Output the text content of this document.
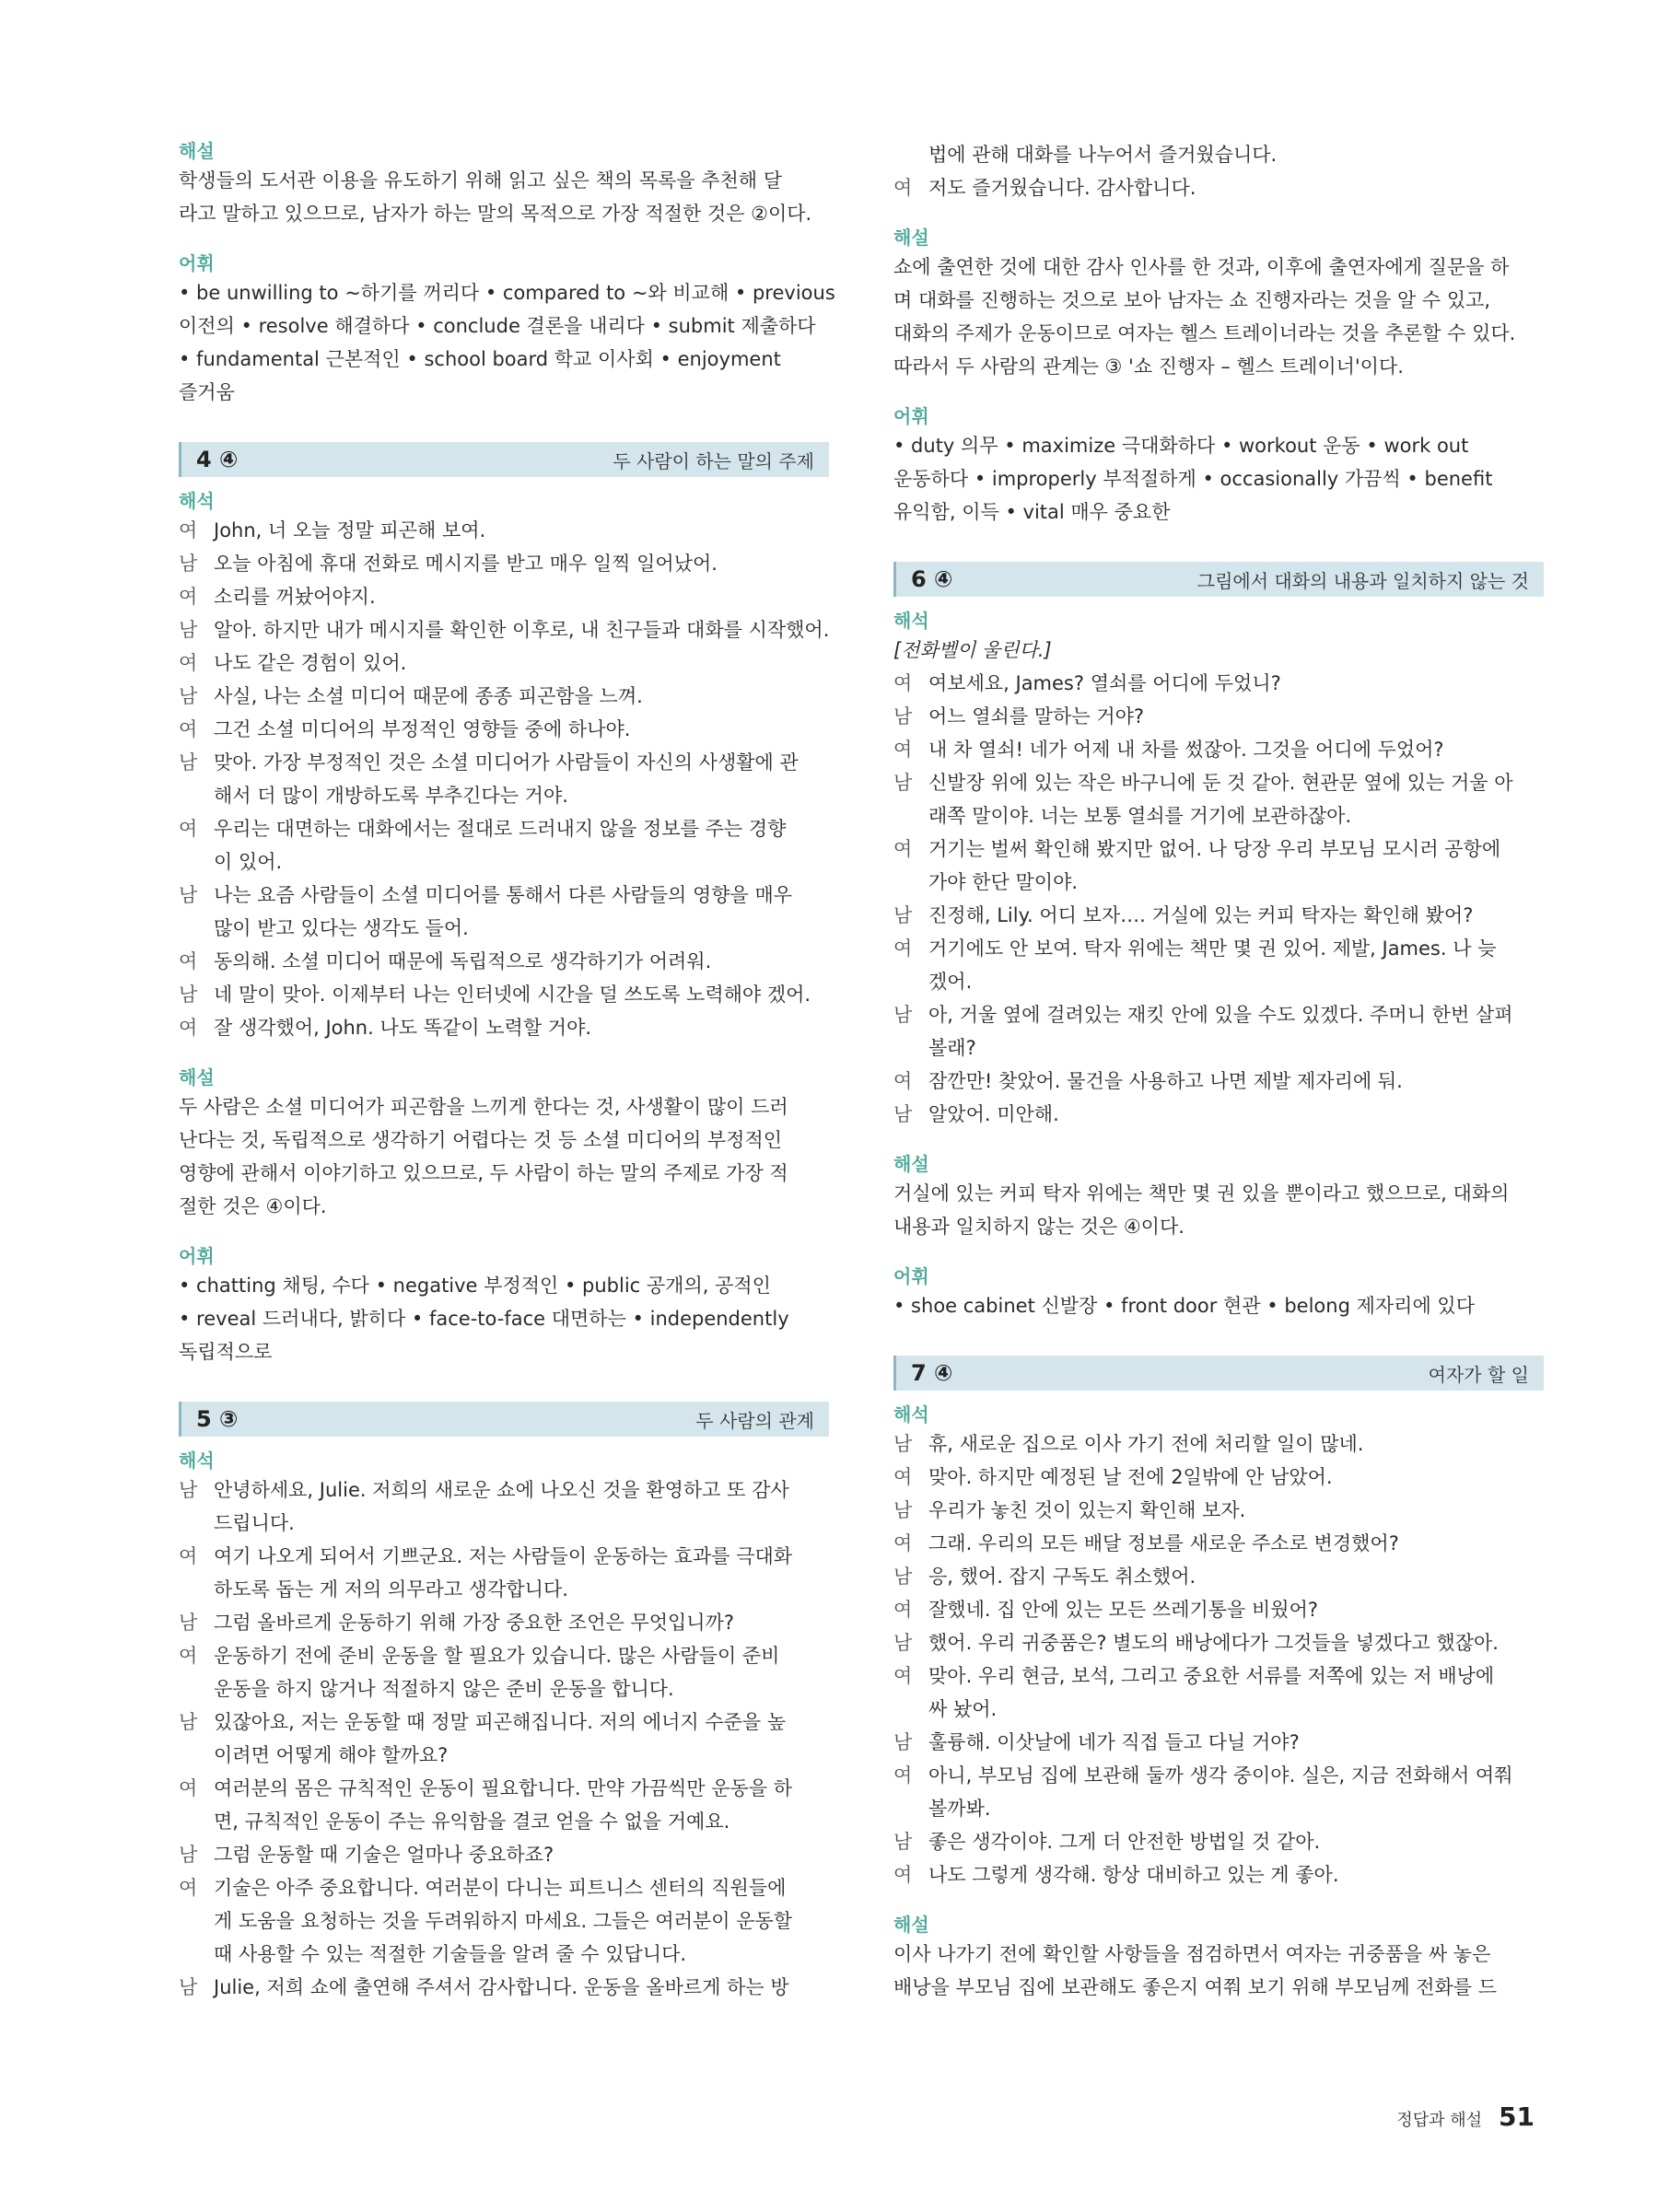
해설
학생들의 도서관 이용을 유도하기 위해 읽고 싶은 책의 목록을 추천해 달
라고 말하고 있으므로, 남자가 하는 말의 목적으로 가장 적절한 것은 ②이다.
어휘
• be unwilling to ~하기를 꺼리다 • compared to ~와 비교해 • previous
이전의 • resolve 해결하다 • conclude 결론을 내리다 • submit 제출하다
• fundamental 근본적인 • school board 학교 이사회 • enjoyment
즐거움
4 ④	두 사람이 하는 말의 주제
해석
여 John, 너 오늘 정말 피곤해 보여.
남 오늘 아침에 휴대 전화로 메시지를 받고 매우 일찍 일어났어.
여 소리를 꺼놨어야지.
남 알아. 하지만 내가 메시지를 확인한 이후로, 내 친구들과 대화를 시작했어.
여 나도 같은 경험이 있어.
남 사실, 나는 소셜 미디어 때문에 종종 피곤함을 느껴.
여 그건 소셜 미디어의 부정적인 영향들 중에 하나야.
남 맞아. 가장 부정적인 것은 소셜 미디어가 사람들이 자신의 사생활에 관
해서 더 많이 개방하도록 부추긴다는 거야.
여 우리는 대면하는 대화에서는 절대로 드러내지 않을 정보를 주는 경향
이 있어.
남 나는 요즘 사람들이 소셜 미디어를 통해서 다른 사람들의 영향을 매우
많이 받고 있다는 생각도 들어.
여 동의해. 소셜 미디어 때문에 독립적으로 생각하기가 어려워.
남 네 말이 맞아. 이제부터 나는 인터넷에 시간을 덜 쓰도록 노력해야 겠어.
여 잘 생각했어, John. 나도 똑같이 노력할 거야.
해설
두 사람은 소셜 미디어가 피곤함을 느끼게 한다는 것, 사생활이 많이 드러
난다는 것, 독립적으로 생각하기 어렵다는 것 등 소셜 미디어의 부정적인
영향에 관해서 이야기하고 있으므로, 두 사람이 하는 말의 주제로 가장 적
절한 것은 ④이다.
어휘
• chatting 채팅, 수다 • negative 부정적인 • public 공개의, 공적인
• reveal 드러내다, 밝히다 • face-to-face 대면하는 • independently
독립적으로
5 ③	두 사람의 관계
해석
남 안녕하세요, Julie. 저희의 새로운 쇼에 나오신 것을 환영하고 또 감사
드립니다.
여 여기 나오게 되어서 기쁘군요. 저는 사람들이 운동하는 효과를 극대화
하도록 돕는 게 저의 의무라고 생각합니다.
남 그럼 올바르게 운동하기 위해 가장 중요한 조언은 무엇입니까?
여 운동하기 전에 준비 운동을 할 필요가 있습니다. 많은 사람들이 준비
운동을 하지 않거나 적절하지 않은 준비 운동을 합니다.
남 있잖아요, 저는 운동할 때 정말 피곤해집니다. 저의 에너지 수준을 높
이려면 어떻게 해야 할까요?
여 여러분의 몸은 규칙적인 운동이 필요합니다. 만약 가끔씩만 운동을 하
면, 규칙적인 운동이 주는 유익함을 결코 얻을 수 없을 거예요.
남 그럼 운동할 때 기술은 얼마나 중요하죠?
여 기술은 아주 중요합니다. 여러분이 다니는 피트니스 센터의 직원들에
게 도움을 요청하는 것을 두려워하지 마세요. 그들은 여러분이 운동할
때 사용할 수 있는 적절한 기술들을 알려 줄 수 있답니다.
남 Julie, 저희 쇼에 출연해 주셔서 감사합니다. 운동을 올바르게 하는 방
법에 관해 대화를 나누어서 즐거웠습니다.
여 저도 즐거웠습니다. 감사합니다.
해설
쇼에 출연한 것에 대한 감사 인사를 한 것과, 이후에 출연자에게 질문을 하
며 대화를 진행하는 것으로 보아 남자는 쇼 진행자라는 것을 알 수 있고,
대화의 주제가 운동이므로 여자는 헬스 트레이너라는 것을 추론할 수 있다.
따라서 두 사람의 관계는 ③ '쇼 진행자 – 헬스 트레이너'이다.
어휘
• duty 의무 • maximize 극대화하다 • workout 운동 • work out
운동하다 • improperly 부적절하게 • occasionally 가끔씩 • benefit
유익함, 이득 • vital 매우 중요한
6 ④	그림에서 대화의 내용과 일치하지 않는 것
해석
[전화벨이 울린다.]
여 여보세요, James? 열쇠를 어디에 두었니?
남 어느 열쇠를 말하는 거야?
여 내 차 열쇠! 네가 어제 내 차를 썼잖아. 그것을 어디에 두었어?
남 신발장 위에 있는 작은 바구니에 둔 것 같아. 현관문 옆에 있는 거울 아
래쪽 말이야. 너는 보통 열쇠를 거기에 보관하잖아.
여 거기는 벌써 확인해 봤지만 없어. 나 당장 우리 부모님 모시러 공항에
가야 한단 말이야.
남 진정해, Lily. 어디 보자…. 거실에 있는 커피 탁자는 확인해 봤어?
여 거기에도 안 보여. 탁자 위에는 책만 몇 권 있어. 제발, James. 나 늦
겠어.
남 아, 거울 옆에 걸려있는 재킷 안에 있을 수도 있겠다. 주머니 한번 살펴
볼래?
여 잠깐만! 찾았어. 물건을 사용하고 나면 제발 제자리에 둬.
남 알았어. 미안해.
해설
거실에 있는 커피 탁자 위에는 책만 몇 권 있을 뿐이라고 했으므로, 대화의
내용과 일치하지 않는 것은 ④이다.
어휘
• shoe cabinet 신발장 • front door 현관 • belong 제자리에 있다
7 ④	여자가 할 일
해석
남 휴, 새로운 집으로 이사 가기 전에 처리할 일이 많네.
여 맞아. 하지만 예정된 날 전에 2일밖에 안 남았어.
남 우리가 놓친 것이 있는지 확인해 보자.
여 그래. 우리의 모든 배달 정보를 새로운 주소로 변경했어?
남 응, 했어. 잡지 구독도 취소했어.
여 잘했네. 집 안에 있는 모든 쓰레기통을 비웠어?
남 했어. 우리 귀중품은? 별도의 배낭에다가 그것들을 넣겠다고 했잖아.
여 맞아. 우리 현금, 보석, 그리고 중요한 서류를 저쪽에 있는 저 배낭에
싸 놨어.
남 훌륭해. 이삿날에 네가 직접 들고 다닐 거야?
여 아니, 부모님 집에 보관해 둘까 생각 중이야. 실은, 지금 전화해서 여쭤
볼까봐.
남 좋은 생각이야. 그게 더 안전한 방법일 것 같아.
여 나도 그렇게 생각해. 항상 대비하고 있는 게 좋아.
해설
이사 나가기 전에 확인할 사항들을 점검하면서 여자는 귀중품을 싸 놓은
배낭을 부모님 집에 보관해도 좋은지 여쭤 보기 위해 부모님께 전화를 드
정답과 해설 51
